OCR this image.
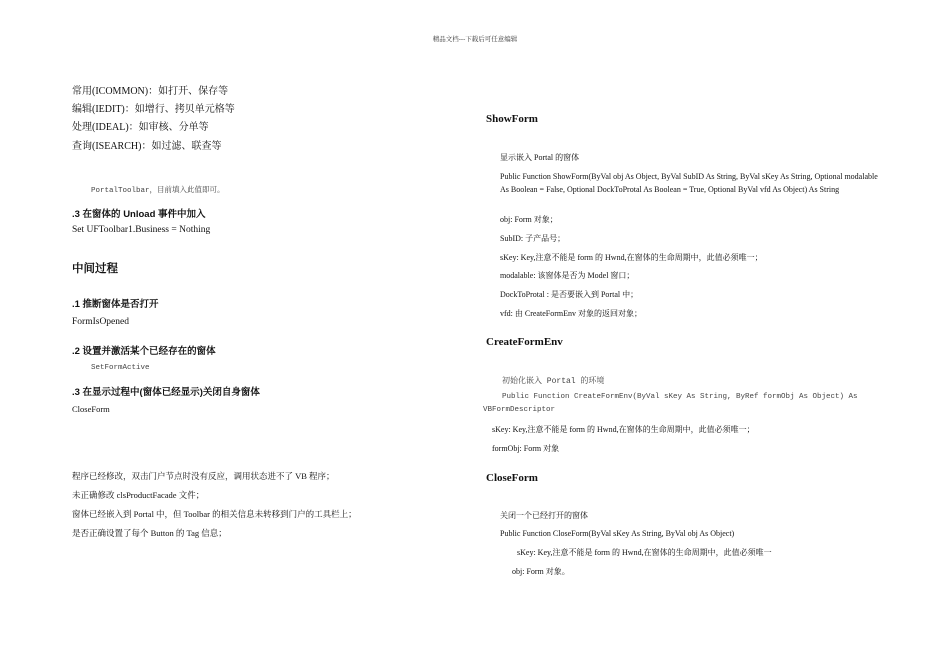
精品文档---下载后可任意编辑
常用(ICOMMON)：如打开、保存等
编辑(IEDIT)：如增行、拷贝单元格等
处理(IDEAL)：如审核、分单等
查询(ISEARCH)：如过滤、联查等
PortalToolbar，目前填入此值即可。
.3 在窗体的 Unload 事件中加入
Set UFToolbar1.Business = Nothing
中间过程
.1 推断窗体是否打开
FormIsOpened
.2 设置并激活某个已经存在的窗体
SetFormActive
.3 在显示过程中(窗体已经显示)关闭自身窗体
CloseForm
程序已经修改，双击门户节点时没有反应，调用状态进不了 VB 程序；
未正确修改 clsProductFacade 文件；
窗体已经嵌入到 Portal 中，但 Toolbar 的相关信息未转移到门户的工具栏上；
是否正确设置了每个 Button 的 Tag 信息；
ShowForm
显示嵌入 Portal 的窗体
Public Function ShowForm(ByVal obj As Object, ByVal SubID As String, ByVal sKey As String, Optional modalable As Boolean = False, Optional DockToProtal As Boolean = True, Optional ByVal vfd As Object) As String
obj: Form 对象；
SubID: 子产品号；
sKey: Key,注意不能是 form 的 Hwnd,在窗体的生命周期中，此值必须唯一；
modalable: 该窗体是否为 Model 窗口；
DockToProtal : 是否要嵌入到 Portal 中；
vfd: 由 CreateFormEnv 对象的返回对象；
CreateFormEnv
初始化嵌入 Portal 的环境
Public Function CreateFormEnv(ByVal sKey As String, ByRef formObj As Object) As
VBFormDescriptor
sKey: Key,注意不能是 form 的 Hwnd,在窗体的生命周期中，此值必须唯一；
formObj: Form 对象
CloseForm
关闭一个已经打开的窗体
Public Function CloseForm(ByVal sKey As String, ByVal obj As Object)
sKey: Key,注意不能是 form 的 Hwnd,在窗体的生命周期中，此值必须唯一
obj: Form 对象。
